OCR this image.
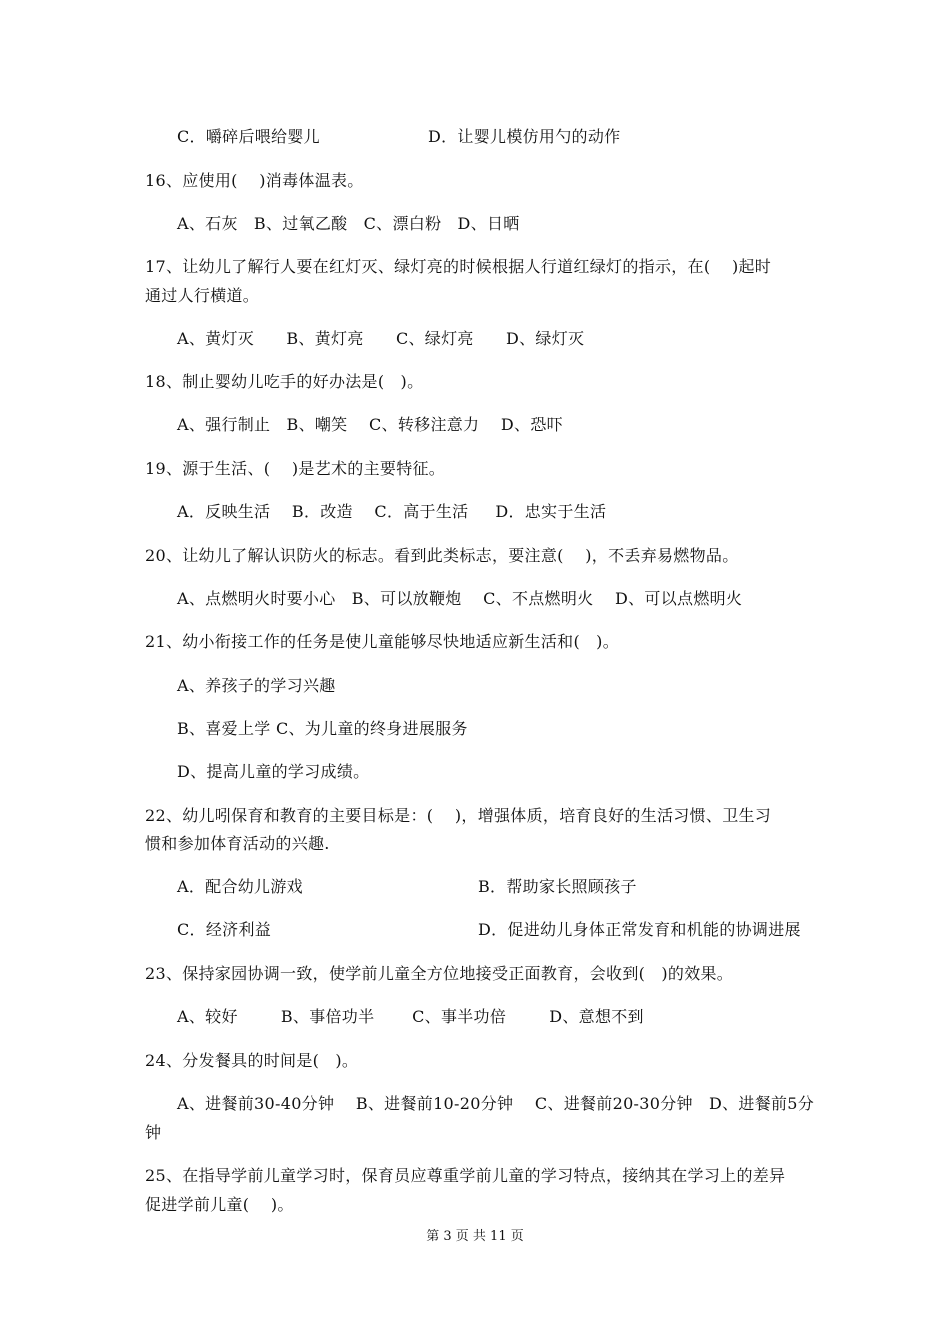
C．嚼碎后喂给婴儿	D．让婴儿模仿用勺的动作
16、应使用(    )消毒体温表。
A、石灰   B、过氧乙酸   C、漂白粉   D、日晒
17、让幼儿了解行人要在红灯灭、绿灯亮的时候根据人行道红绿灯的指示，在(    )起时
通过人行横道。
A、黄灯灭      B、黄灯亮      C、绿灯亮      D、绿灯灭
18、制止婴幼儿吃手的好办法是(   )。
A、强行制止   B、嘲笑    C、转移注意力    D、恐吓
19、源于生活、(    )是艺术的主要特征。
A．反映生活    B．改造    C．高于生活     D．忠实于生活
20、让幼儿了解认识防火的标志。看到此类标志，要注意(    )，不丢弃易燃物品。
A、点燃明火时要小心   B、可以放鞭炮    C、不点燃明火    D、可以点燃明火
21、幼小衔接工作的任务是使儿童能够尽快地适应新生活和(   )。
A、养孩子的学习兴趣
B、喜爱上学 C、为儿童的终身进展服务
D、提高儿童的学习成绩。
22、幼儿吲保育和教育的主要目标是：(    )，增强体质，培育良好的生活习惯、卫生习
惯和参加体育活动的兴趣.
A．配合幼儿游戏	B．帮助家长照顾孩子
C．经济利益	D．促进幼儿身体正常发育和机能的协调进展
23、保持家园协调一致，使学前儿童全方位地接受正面教育，会收到(   )的效果。
A、较好        B、事倍功半       C、事半功倍        D、意想不到
24、分发餐具的时间是(   )。
A、进餐前30-40分钟    B、进餐前10-20分钟    C、进餐前20-30分钟   D、进餐前5分
钟
25、在指导学前儿童学习时，保育员应尊重学前儿童的学习特点，接纳其在学习上的差异
促进学前儿童(    )。
第 3 页 共 11 页
